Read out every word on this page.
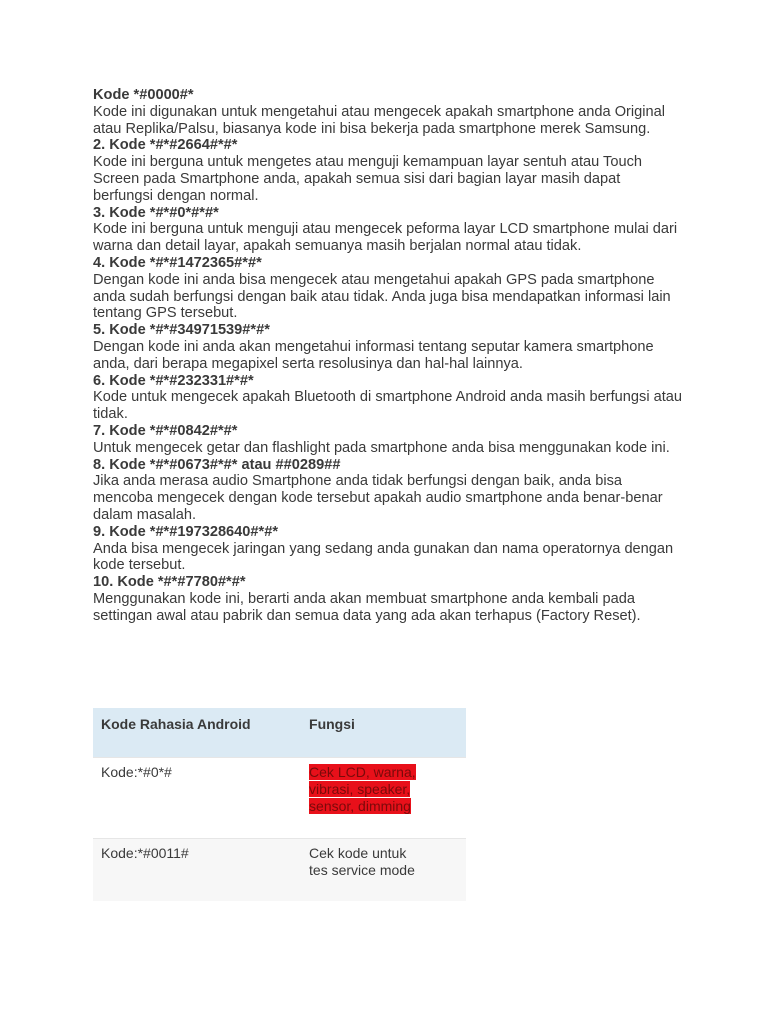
Kode *#0000#*
Kode ini digunakan untuk mengetahui atau mengecek apakah smartphone anda Original atau Replika/Palsu, biasanya kode ini bisa bekerja pada smartphone merek Samsung.
2. Kode *#*#2664#*#*
Kode ini berguna untuk mengetes atau menguji kemampuan layar sentuh atau Touch Screen pada Smartphone anda, apakah semua sisi dari bagian layar masih dapat berfungsi dengan normal.
3. Kode *#*#0*#*#*
Kode ini berguna untuk menguji atau mengecek peforma layar LCD smartphone mulai dari warna dan detail layar, apakah semuanya masih berjalan normal atau tidak.
4. Kode *#*#1472365#*#*
Dengan kode ini anda bisa mengecek atau mengetahui apakah GPS pada smartphone anda sudah berfungsi dengan baik atau tidak. Anda juga bisa mendapatkan informasi lain tentang GPS tersebut.
5. Kode *#*#34971539#*#*
Dengan kode ini anda akan mengetahui informasi tentang seputar kamera smartphone anda, dari berapa megapixel serta resolusinya dan hal-hal lainnya.
6. Kode *#*#232331#*#*
Kode untuk mengecek apakah Bluetooth di smartphone Android anda masih berfungsi atau tidak.
7. Kode *#*#0842#*#*
Untuk mengecek getar dan flashlight pada smartphone anda bisa menggunakan kode ini.
8. Kode *#*#0673#*#* atau ##0289##
Jika anda merasa audio Smartphone anda tidak berfungsi dengan baik, anda bisa mencoba mengecek dengan kode tersebut apakah audio smartphone anda benar-benar dalam masalah.
9. Kode *#*#197328640#*#*
Anda bisa mengecek jaringan yang sedang anda gunakan dan nama operatornya dengan kode tersebut.
10. Kode *#*#7780#*#*
Menggunakan kode ini, berarti anda akan membuat smartphone anda kembali pada settingan awal atau pabrik dan semua data yang ada akan terhapus (Factory Reset).
Kode Rahasia Android	Fungsi
Kode:*#0*#	Cek LCD, warna, vibrasi, speaker, sensor, dimming

Kode:*#0011#	Cek kode untuk tes service mode
